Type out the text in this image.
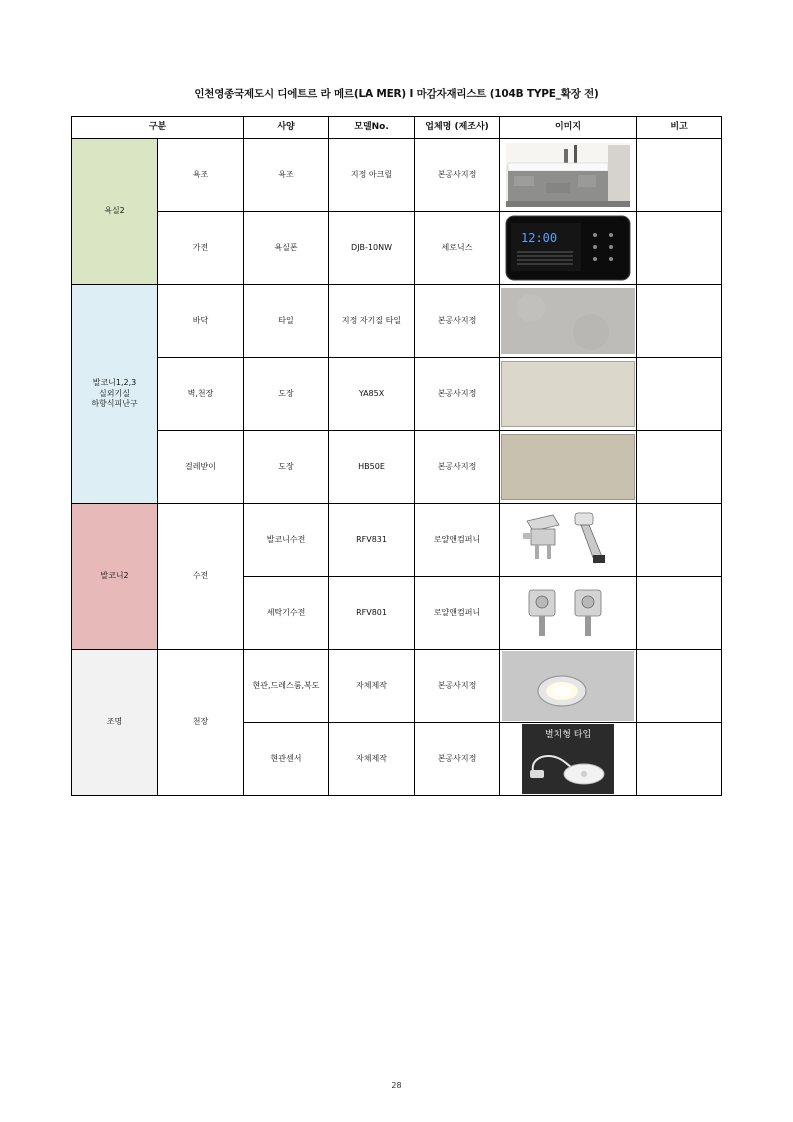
인천영종국제도시 디에트르 라 메르(LA MER) I 마감자재리스트 (104B TYPE_확장 전)
구분		사양	모델No.	업체명 (제조사)	이미지	비고
욕실2	욕조	욕조	지정 아크릴	본공사지정	

	가전	욕실폰	DJB-10NW	세로닉스	12:00	

발코니1,2,3
실외기실
하향식피난구	바닥	타일	지정 자기질 타일	본공사지정	

	벽,천장	도장	YA85X	본공사지정	

	걸레받이	도장	HB50E	본공사지정	

발코니2	수전	발코니수전	RFV831	로얄앤컴퍼니	

		세탁기수전	RFV801	로얄앤컴퍼니	

조명	천장	현관,드레스룸,복도	자체제작	본공사지정	

		현관센서	자체제작	본공사지정	별치형 타입	

28
